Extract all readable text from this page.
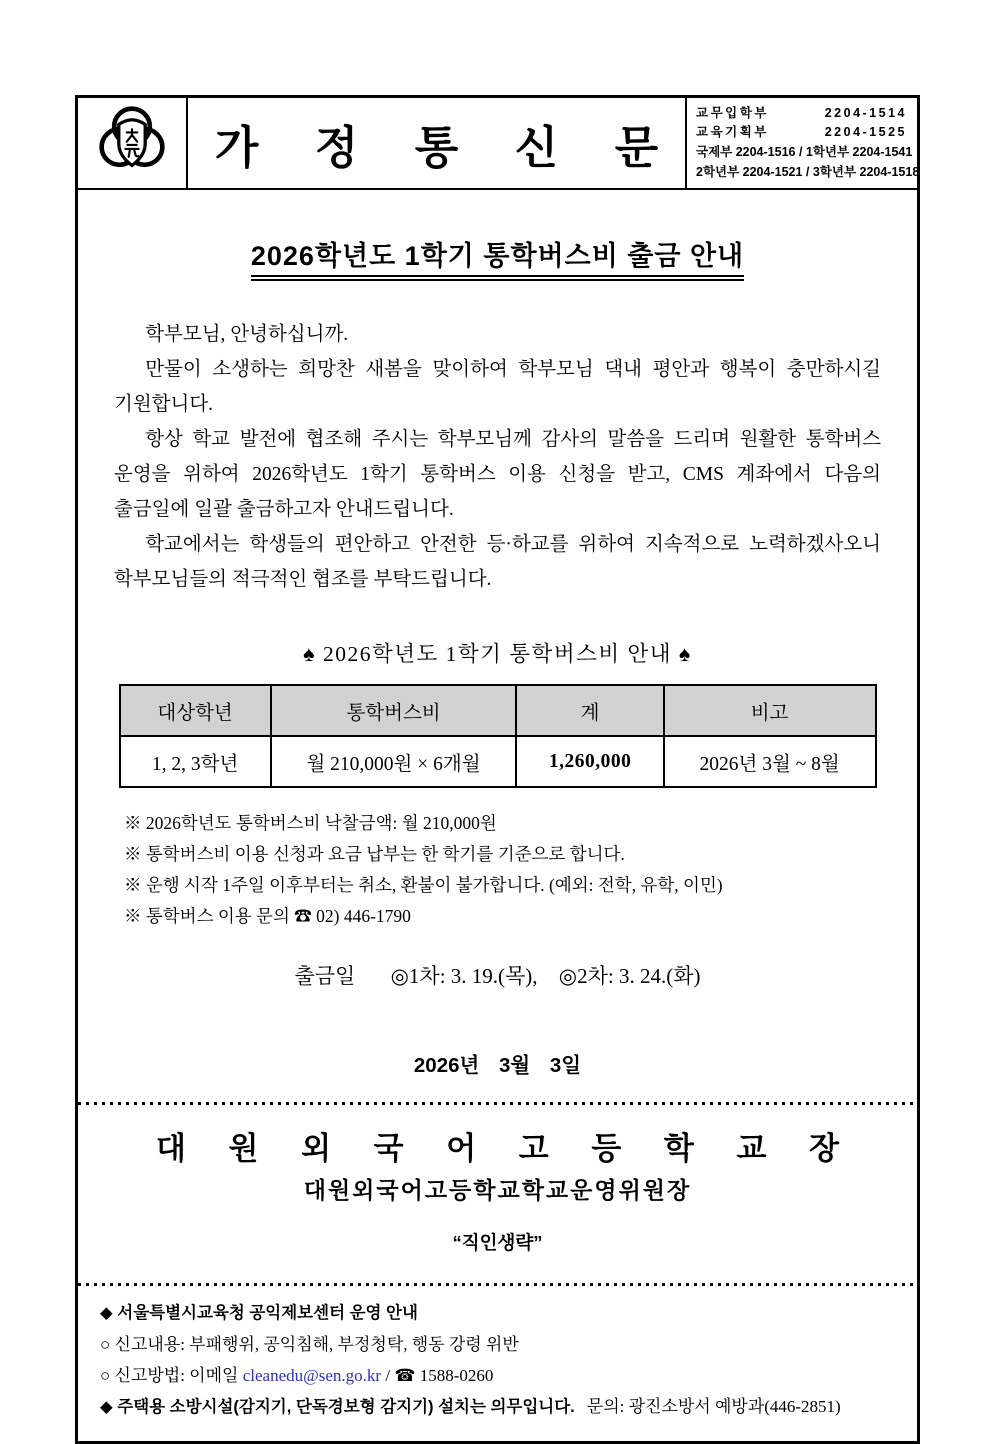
가 정 통 신 문
교무입학부	2204-1514
교육기획부	2204-1525
국제부 2204-1516 / 1학년부 2204-1541
2학년부 2204-1521 / 3학년부 2204-1518
2026학년도 1학기 통학버스비 출금 안내

학부모님, 안녕하십니까.

만물이 소생하는 희망찬 새봄을 맞이하여 학부모님 댁내 평안과 행복이 충만하시길 기원합니다.

항상 학교 발전에 협조해 주시는 학부모님께 감사의 말씀을 드리며 원활한 통학버스 운영을 위하여 2026학년도 1학기 통학버스 이용 신청을 받고, CMS 계좌에서 다음의 출금일에 일괄 출금하고자 안내드립니다.

학교에서는 학생들의 편안하고 안전한 등·하교를 위하여 지속적으로 노력하겠사오니 학부모님들의 적극적인 협조를 부탁드립니다.

♠ 2026학년도 1학기 통학버스비 안내 ♠
대상학년	통학버스비	계	비고
1, 2, 3학년	월 210,000원 × 6개월	1,260,000	2026년 3월 ~ 8월
※ 2026학년도 통학버스비 낙찰금액: 월 210,000원
※ 통학버스비 이용 신청과 요금 납부는 한 학기를 기준으로 합니다.
※ 운행 시작 1주일 이후부터는 취소, 환불이 불가합니다. (예외: 전학, 유학, 이민)
※ 통학버스 이용 문의 ☎ 02) 446-1790
출금일 ◎1차: 3. 19.(목), ◎2차: 3. 24.(화)
2026년 3월 3일
대 원 외 국 어 고 등 학 교 장
대원외국어고등학교학교운영위원장
“직인생략”
◆ 서울특별시교육청 공익제보센터 운영 안내
○ 신고내용: 부패행위, 공익침해, 부정청탁, 행동 강령 위반
○ 신고방법: 이메일 cleanedu@sen.go.kr / ☎ 1588-0260
◆ 주택용 소방시설(감지기, 단독경보형 감지기) 설치는 의무입니다. 문의: 광진소방서 예방과(446-2851)
